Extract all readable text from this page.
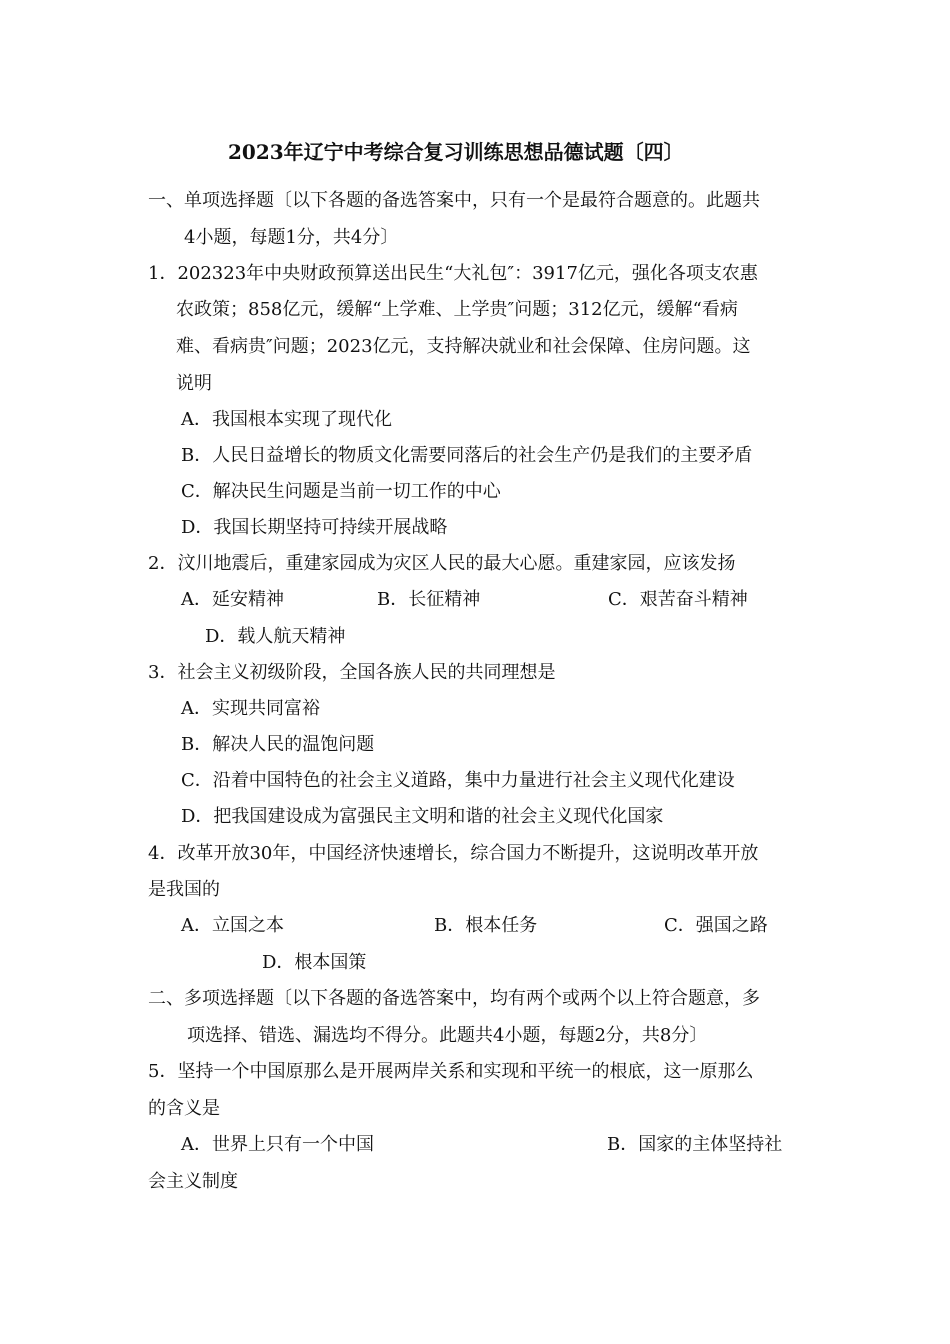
2023年辽宁中考综合复习训练思想品德试题〔四〕
一、单项选择题〔以下各题的备选答案中，只有一个是最符合题意的。此题共
4小题，每题1分，共4分〕
1．202323年中央财政预算送出民生“大礼包″：3917亿元，强化各项支农惠
农政策；858亿元，缓解“上学难、上学贵″问题；312亿元，缓解“看病
难、看病贵″问题；2023亿元，支持解决就业和社会保障、住房问题。这
说明
A．我国根本实现了现代化
B．人民日益增长的物质文化需要同落后的社会生产仍是我们的主要矛盾
C．解决民生问题是当前一切工作的中心
D．我国长期坚持可持续开展战略
2．汶川地震后，重建家园成为灾区人民的最大心愿。重建家园，应该发扬
A．延安精神	B．长征精神	C．艰苦奋斗精神
D．载人航天精神
3．社会主义初级阶段，全国各族人民的共同理想是
A．实现共同富裕
B．解决人民的温饱问题
C．沿着中国特色的社会主义道路，集中力量进行社会主义现代化建设
D．把我国建设成为富强民主文明和谐的社会主义现代化国家
4．改革开放30年，中国经济快速增长，综合国力不断提升，这说明改革开放
是我国的
A．立国之本	B．根本任务	C．强国之路
D．根本国策
二、多项选择题〔以下各题的备选答案中，均有两个或两个以上符合题意，多
项选择、错选、漏选均不得分。此题共4小题，每题2分，共8分〕
5．坚持一个中国原那么是开展两岸关系和实现和平统一的根底，这一原那么
的含义是
A．世界上只有一个中国	B．国家的主体坚持社
会主义制度
